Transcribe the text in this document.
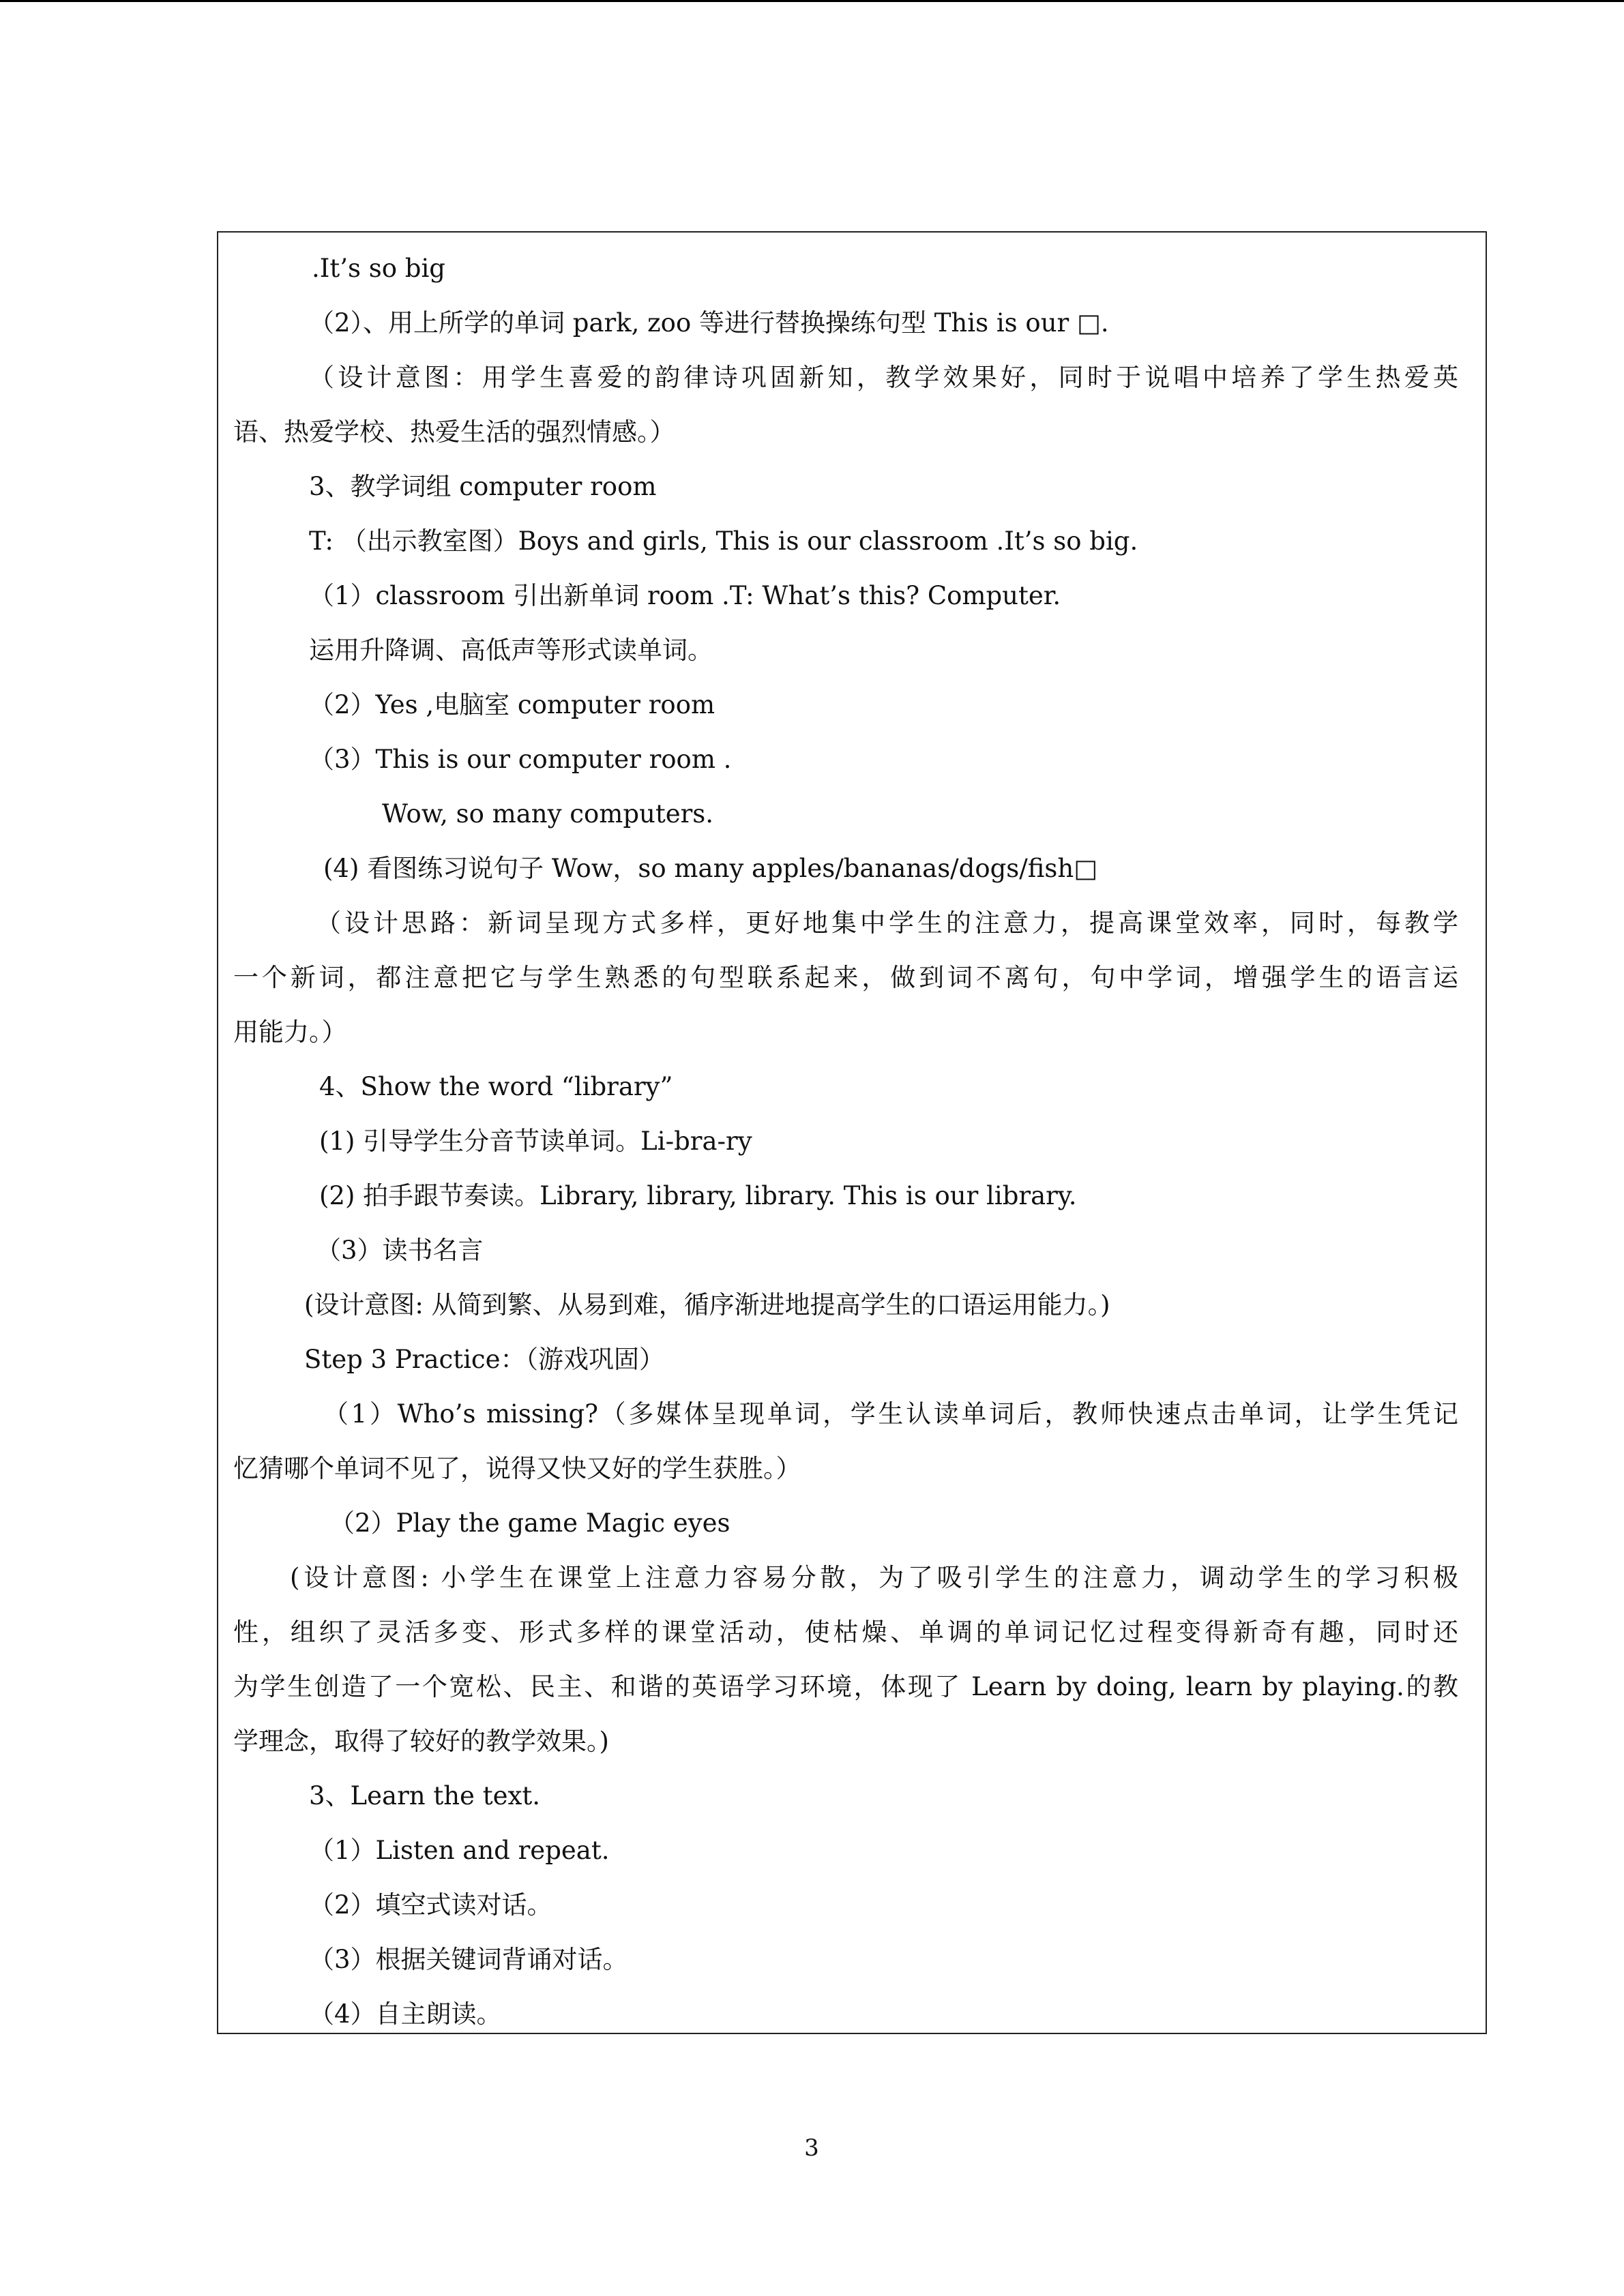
.It’s so big
（2）、用上所学的单词 park, zoo 等进行替换操练句型 This is our □.
（设计意图：用学生喜爱的韵律诗巩固新知，教学效果好，同时于说唱中培养了学生热爱英
语、热爱学校、热爱生活的强烈情感。）
3、教学词组 computer room
T: （出示教室图）Boys and girls, This is our classroom .It’s so big.
（1）classroom 引出新单词 room .T: What’s this? Computer.
运用升降调、高低声等形式读单词。
（2）Yes ,电脑室 computer room
（3）This is our computer room .
Wow, so many computers.
(4) 看图练习说句子 Wow，so many apples/bananas/dogs/fish□
（设计思路：新词呈现方式多样，更好地集中学生的注意力，提高课堂效率，同时，每教学
一个新词，都注意把它与学生熟悉的句型联系起来，做到词不离句，句中学词，增强学生的语言运
用能力。）
4、Show the word “library”
(1) 引导学生分音节读单词。Li-bra-ry
(2) 拍手跟节奏读。Library, library, library. This is our library.
（3）读书名言
(设计意图: 从简到繁、从易到难，循序渐进地提高学生的口语运用能力。)
Step 3 Practice：（游戏巩固）
（1）Who’s missing?（多媒体呈现单词，学生认读单词后，教师快速点击单词，让学生凭记
忆猜哪个单词不见了，说得又快又好的学生获胜。）
（2）Play the game Magic eyes
(设计意图: 小学生在课堂上注意力容易分散，为了吸引学生的注意力，调动学生的学习积极
性，组织了灵活多变、形式多样的课堂活动，使枯燥、单调的单词记忆过程变得新奇有趣，同时还
为学生创造了一个宽松、民主、和谐的英语学习环境，体现了 Learn by doing, learn by playing.的教
学理念，取得了较好的教学效果。)
3、Learn the text.
（1）Listen and repeat.
（2）填空式读对话。
（3）根据关键词背诵对话。
（4）自主朗读。
3
